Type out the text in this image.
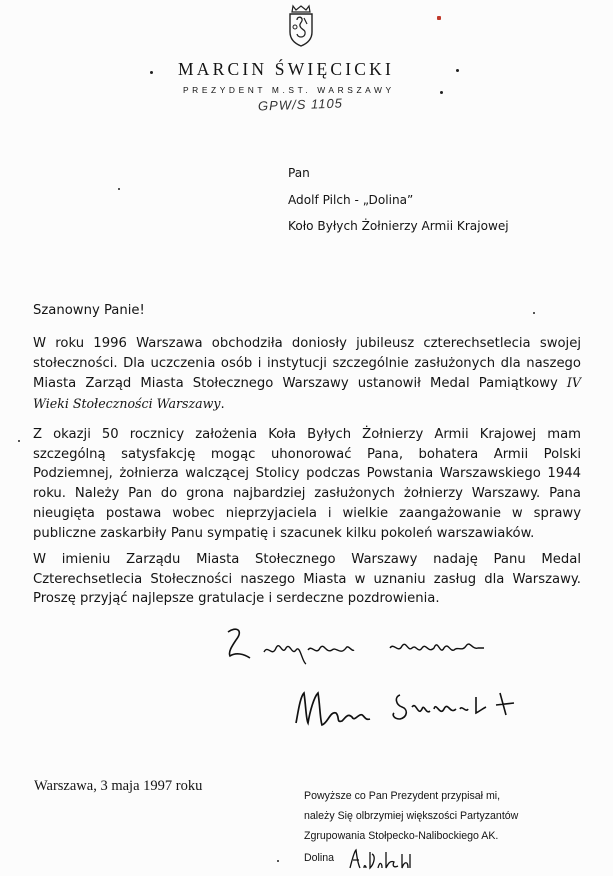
MARCIN ŚWIĘCICKI
PREZYDENT M.ST. WARSZAWY
GPW/S 1105
Pan
Adolf Pilch - „Dolina”
Koło Byłych Żołnierzy Armii Krajowej
Szanowny Panie!

W roku 1996 Warszawa obchodziła doniosły jubileusz czterechsetlecia swojej stołeczności. Dla uczczenia osób i instytucji szczególnie zasłużonych dla naszego Miasta Zarząd Miasta Stołecznego Warszawy ustanowił Medal Pamiątkowy IV Wieki Stołeczności Warszawy.

Z okazji 50 rocznicy założenia Koła Byłych Żołnierzy Armii Krajowej mam szczególną satysfakcję mogąc uhonorować Pana, bohatera Armii Polski Podziemnej, żołnierza walczącej Stolicy podczas Powstania Warszawskiego 1944 roku. Należy Pan do grona najbardziej zasłużonych żołnierzy Warszawy. Pana nieugięta postawa wobec nieprzyjaciela i wielkie zaangażowanie w sprawy publiczne zaskarbiły Panu sympatię i szacunek kilku pokoleń warszawiaków.

W imieniu Zarządu Miasta Stołecznego Warszawy nadaję Panu Medal Czterechsetlecia Stołeczności naszego Miasta w uznaniu zasług dla Warszawy. Proszę przyjąć najlepsze gratulacje i serdeczne pozdrowienia.

Warszawa, 3 maja 1997 roku
Powyższe co Pan Prezydent przypisał mi,
należy Się olbrzymiej większości Partyzantów
Zgrupowania Stołpecko-Nalibockiego AK.
Dolina
